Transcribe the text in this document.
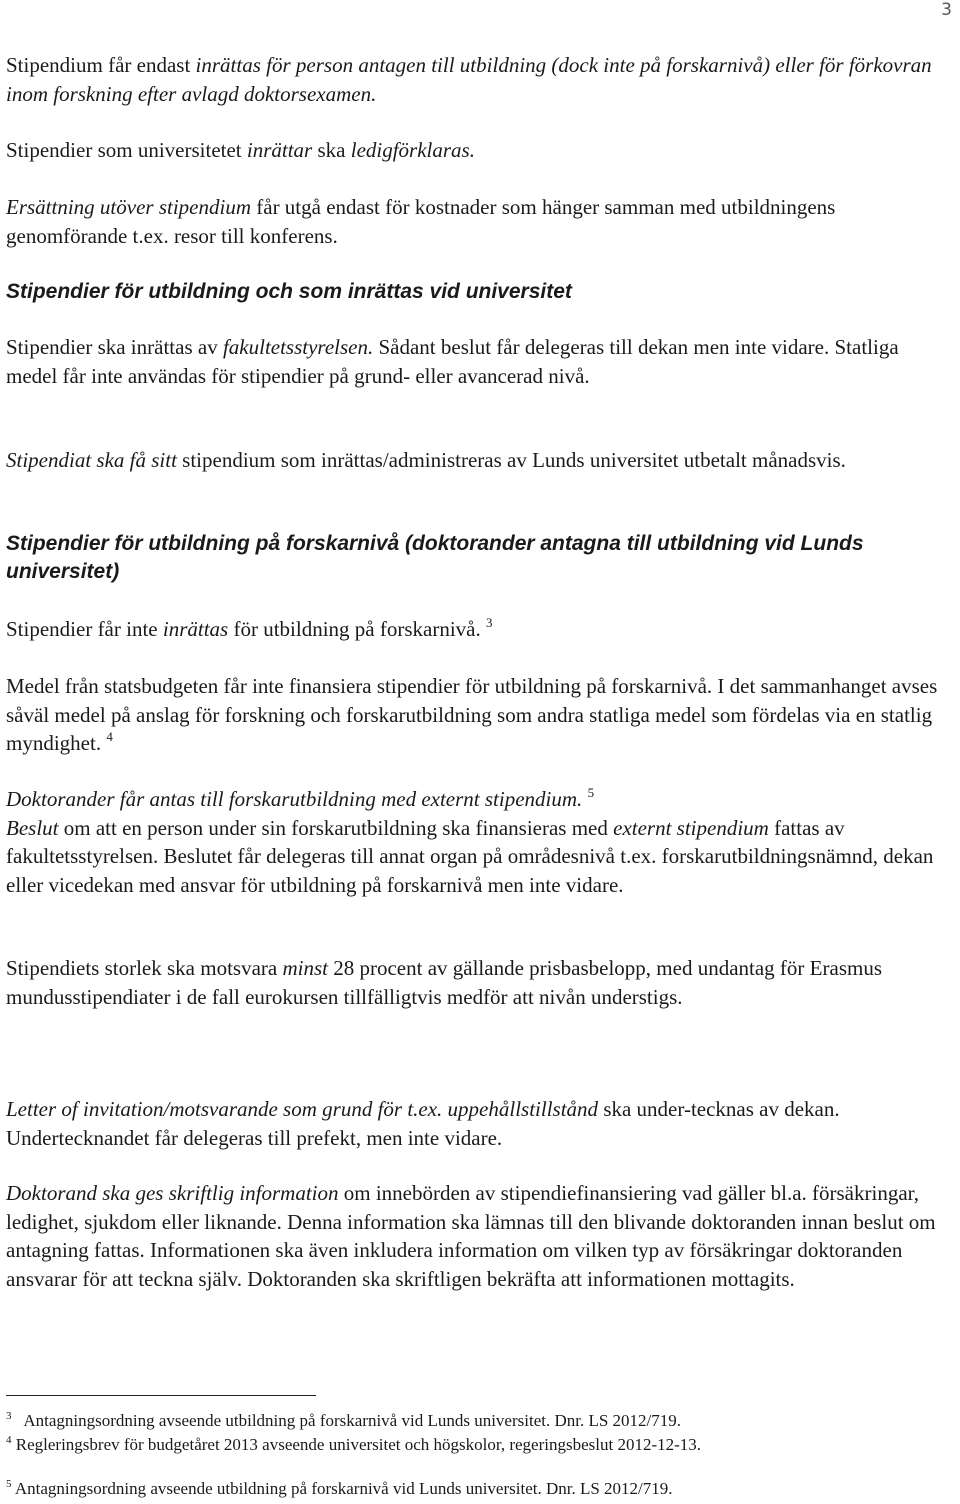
3

Stipendium får endast inrättas för person antagen till utbildning (dock inte på forskarnivå) eller för förkovran inom forskning efter avlagd doktorsexamen.

Stipendier som universitetet inrättar ska ledigförklaras.

Ersättning utöver stipendium får utgå endast för kostnader som hänger samman med utbildningens genomförande t.ex. resor till konferens.

Stipendier för utbildning och som inrättas vid universitet

Stipendier ska inrättas av fakultetsstyrelsen. Sådant beslut får delegeras till dekan men inte vidare. Statliga medel får inte användas för stipendier på grund- eller avancerad nivå.

Stipendiat ska få sitt stipendium som inrättas/administreras av Lunds universitet utbetalt månadsvis.

Stipendier för utbildning på forskarnivå (doktorander antagna till utbildning vid Lunds universitet)

Stipendier får inte inrättas för utbildning på forskarnivå. $^3$

Medel från statsbudgeten får inte finansiera stipendier för utbildning på forskarnivå. I det sammanhanget avses såväl medel på anslag för forskning och forskarutbildning som andra statliga medel som fördelas via en statlig myndighet. $^4$

Doktorander får antas till forskarutbildning med externt stipendium. $^5$
Beslut om att en person under sin forskarutbildning ska finansieras med externt stipendium fattas av fakultetsstyrelsen. Beslutet får delegeras till annat organ på områdesnivå t.ex. forskarutbildningsnämnd, dekan eller vicedekan med ansvar för utbildning på forskarnivå men inte vidare.

Stipendiets storlek ska motsvara minst 28 procent av gällande prisbasbelopp, med undantag för Erasmus mundusstipendiater i de fall eurokursen tillfälligtvis medför att nivån understigs.

Letter of invitation/motsvarande som grund för t.ex. uppehållstillstånd ska under-tecknas av dekan. Undertecknandet får delegeras till prefekt, men inte vidare.

Doktorand ska ges skriftlig information om innebörden av stipendiefinansiering vad gäller bl.a. försäkringar, ledighet, sjukdom eller liknande. Denna information ska lämnas till den blivande doktoranden innan beslut om antagning fattas. Informationen ska även inkludera information om vilken typ av försäkringar doktoranden ansvarar för att teckna själv. Doktoranden ska skriftligen bekräfta att informationen mottagits.

$^3$ Antagningsordning avseende utbildning på forskarnivå vid Lunds universitet. Dnr. LS 2012/719.

$^4$ Regleringsbrev för budgetåret 2013 avseende universitet och högskolor, regeringsbeslut 2012-12-13.

$^5$ Antagningsordning avseende utbildning på forskarnivå vid Lunds universitet. Dnr. LS 2012/719.
